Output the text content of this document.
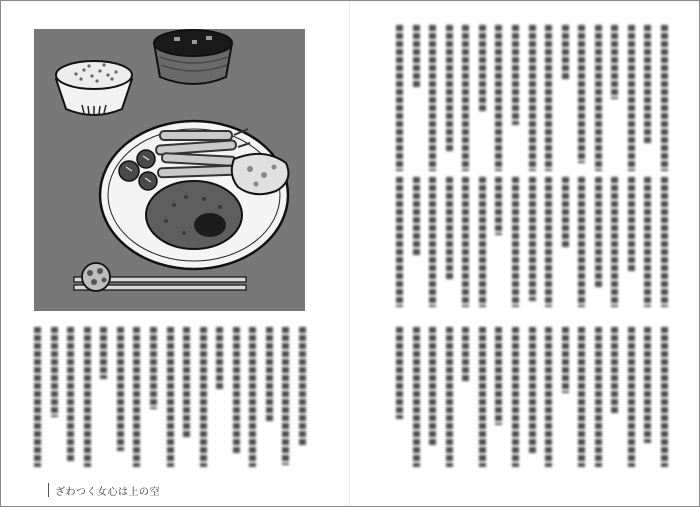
ざわつく女心は上の空
